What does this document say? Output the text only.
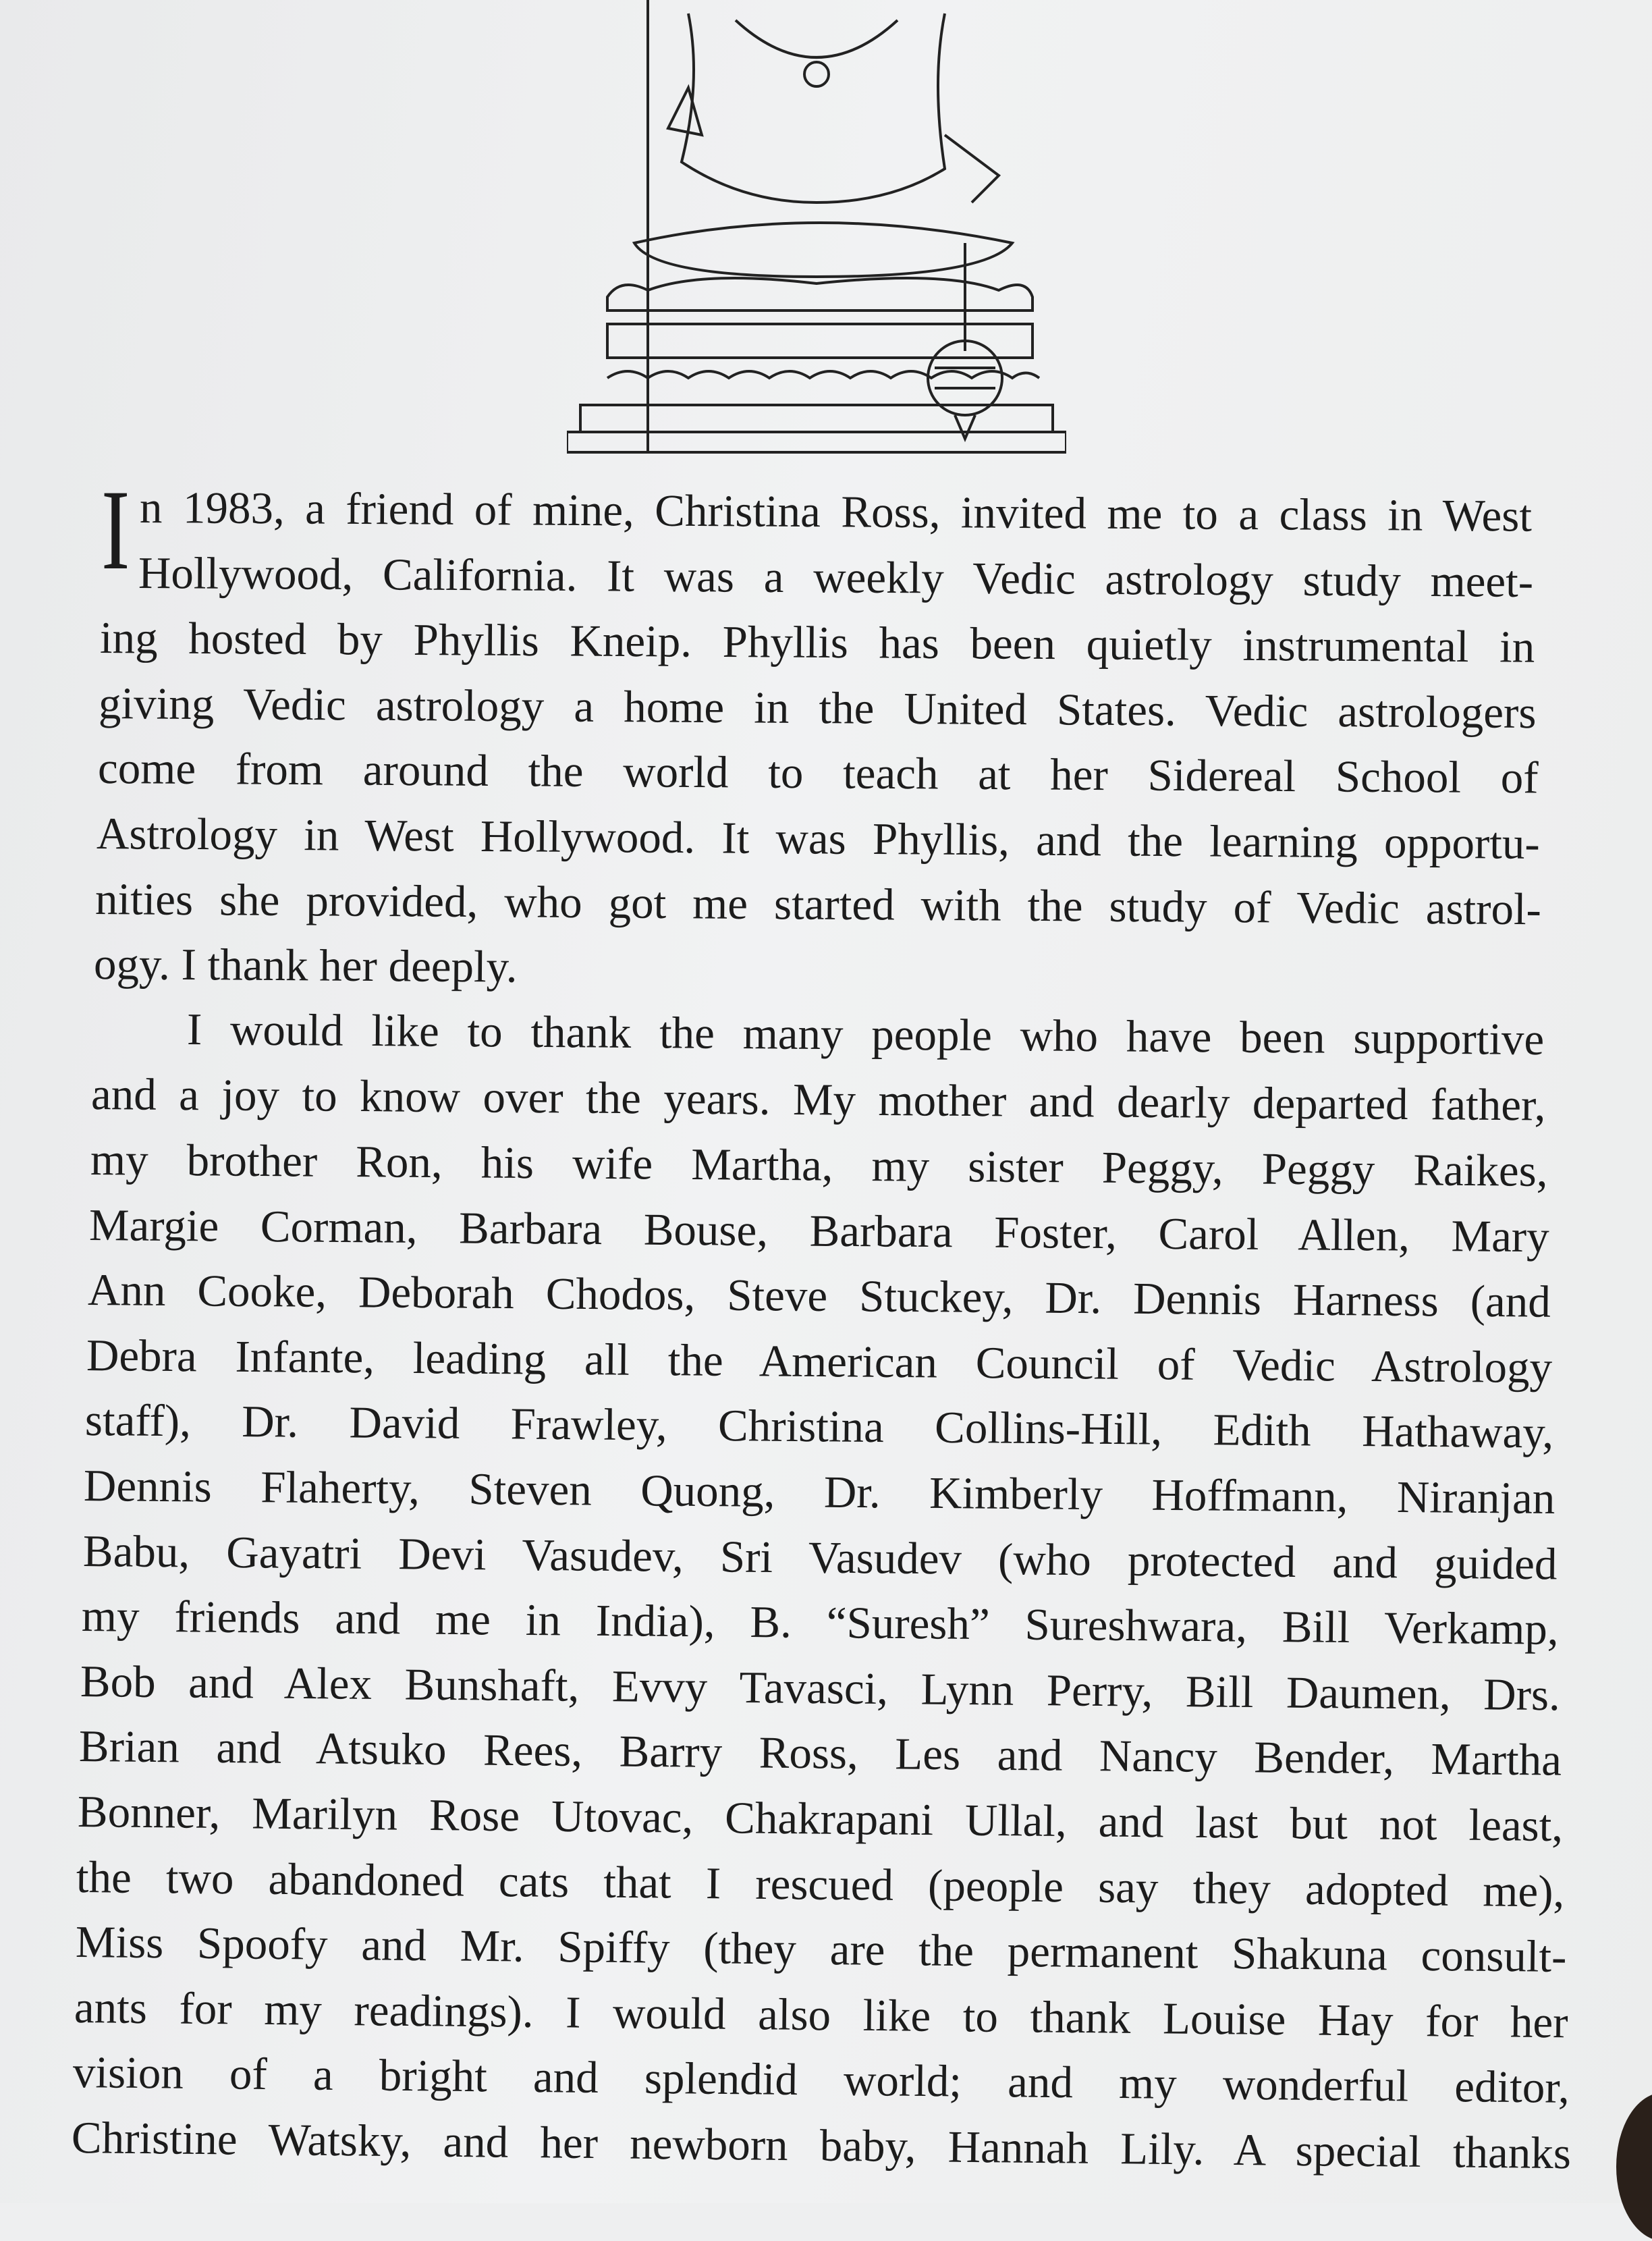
I n 1983, a friend of mine, Christina Ross, invited me to a class in West
Hollywood, California. It was a weekly Vedic astrology study meet-
ing hosted by Phyllis Kneip. Phyllis has been quietly instrumental in
giving Vedic astrology a home in the United States. Vedic astrologers
come from around the world to teach at her Sidereal School of
Astrology in West Hollywood. It was Phyllis, and the learning opportu-
nities she provided, who got me started with the study of Vedic astrol-
ogy. I thank her deeply.
I would like to thank the many people who have been supportive
and a joy to know over the years. My mother and dearly departed father,
my brother Ron, his wife Martha, my sister Peggy, Peggy Raikes,
Margie Corman, Barbara Bouse, Barbara Foster, Carol Allen, Mary
Ann Cooke, Deborah Chodos, Steve Stuckey, Dr. Dennis Harness (and
Debra Infante, leading all the American Council of Vedic Astrology
staff), Dr. David Frawley, Christina Collins-Hill, Edith Hathaway,
Dennis Flaherty, Steven Quong, Dr. Kimberly Hoffmann, Niranjan
Babu, Gayatri Devi Vasudev, Sri Vasudev (who protected and guided
my friends and me in India), B. “Suresh” Sureshwara, Bill Verkamp,
Bob and Alex Bunshaft, Evvy Tavasci, Lynn Perry, Bill Daumen, Drs.
Brian and Atsuko Rees, Barry Ross, Les and Nancy Bender, Martha
Bonner, Marilyn Rose Utovac, Chakrapani Ullal, and last but not least,
the two abandoned cats that I rescued (people say they adopted me),
Miss Spoofy and Mr. Spiffy (they are the permanent Shakuna consult-
ants for my readings). I would also like to thank Louise Hay for her
vision of a bright and splendid world; and my wonderful editor,
Christine Watsky, and her newborn baby, Hannah Lily. A special thanks
